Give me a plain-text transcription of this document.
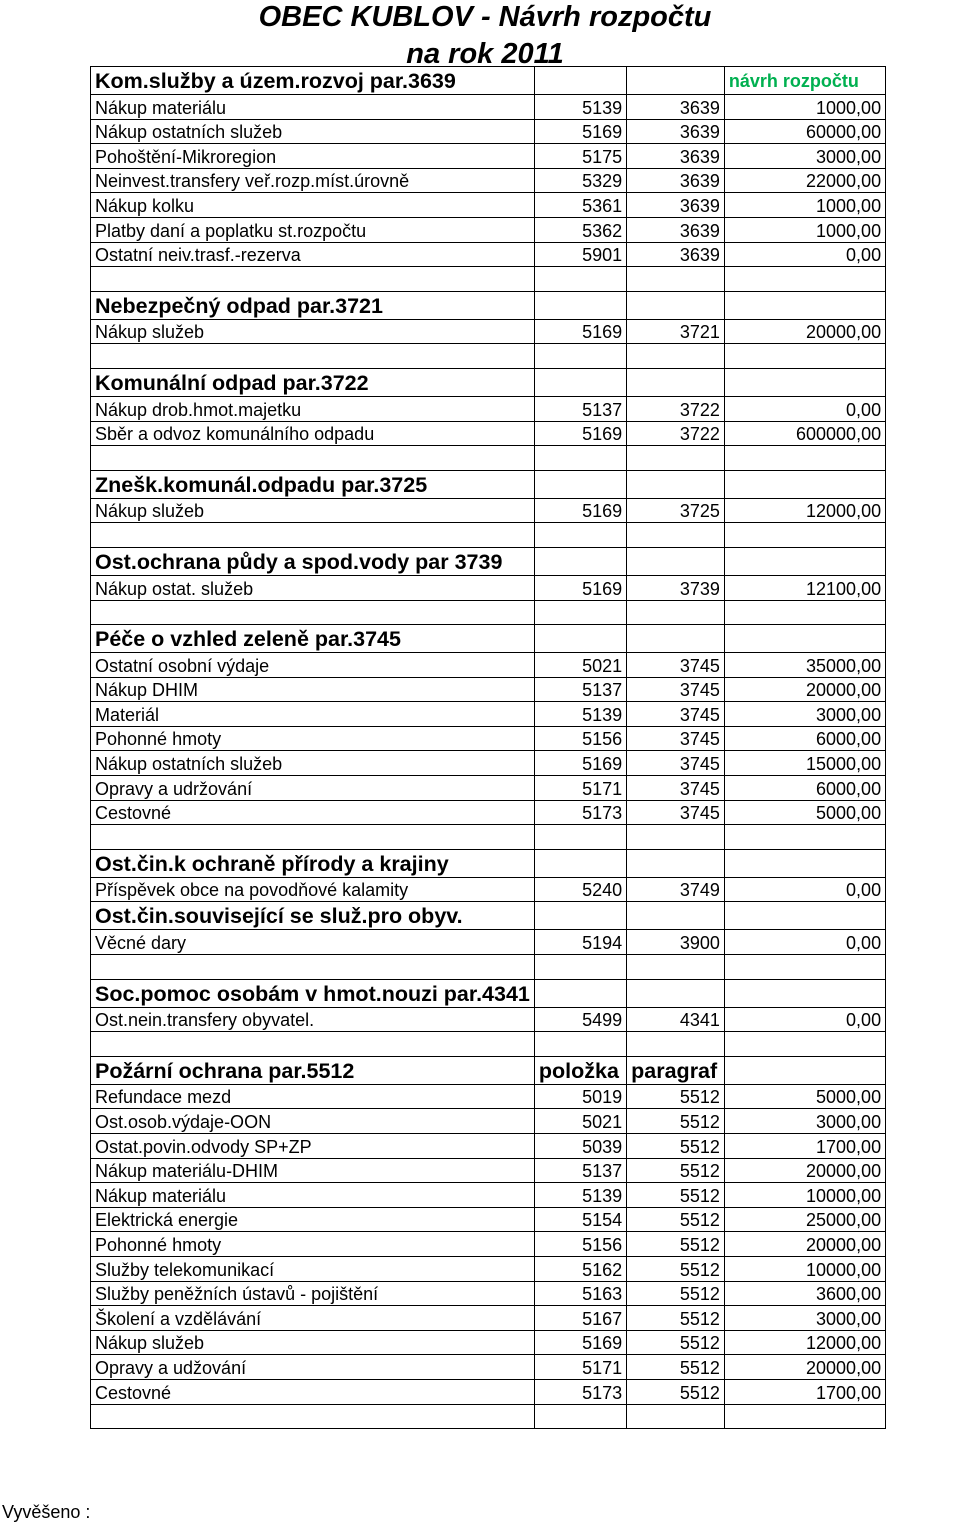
OBEC KUBLOV - Návrh rozpočtu
na rok 2011
Kom.služby a územ.rozvoj par.3639			návrh rozpočtu	
Nákup materiálu	5139	3639	1000,00	
Nákup ostatních služeb	5169	3639	60000,00	
Pohoštění-Mikroregion	5175	3639	3000,00	
Neinvest.transfery veř.rozp.míst.úrovně	5329	3639	22000,00	
Nákup kolku	5361	3639	1000,00	
Platby daní a poplatku st.rozpočtu	5362	3639	1000,00	
Ostatní neiv.trasf.-rezerva	5901	3639	0,00	

Nebezpečný odpad par.3721				
Nákup služeb	5169	3721	20000,00	

Komunální odpad par.3722				
Nákup drob.hmot.majetku	5137	3722	0,00	
Sběr a odvoz komunálního odpadu	5169	3722	600000,00	

Znešk.komunál.odpadu par.3725				
Nákup služeb	5169	3725	12000,00	

Ost.ochrana půdy a spod.vody par 3739				
Nákup ostat. služeb	5169	3739	12100,00	

Péče o vzhled zeleně par.3745				
Ostatní osobní výdaje	5021	3745	35000,00	
Nákup DHIM	5137	3745	20000,00	
Materiál	5139	3745	3000,00	
Pohonné hmoty	5156	3745	6000,00	
Nákup ostatních služeb	5169	3745	15000,00	
Opravy a udržování	5171	3745	6000,00	
Cestovné	5173	3745	5000,00	

Ost.čin.k ochraně přírody a krajiny				
Příspěvek obce na povodňové kalamity	5240	3749	0,00	
Ost.čin.související se služ.pro obyv.				
Věcné dary	5194	3900	0,00	

Soc.pomoc osobám v hmot.nouzi par.4341				
Ost.nein.transfery obyvatel.	5499	4341	0,00	

Požární ochrana par.5512	položka	paragraf		
Refundace mezd	5019	5512	5000,00	
Ost.osob.výdaje-OON	5021	5512	3000,00	
Ostat.povin.odvody SP+ZP	5039	5512	1700,00	
Nákup materiálu-DHIM	5137	5512	20000,00	
Nákup materiálu	5139	5512	10000,00	
Elektrická energie	5154	5512	25000,00	
Pohonné hmoty	5156	5512	20000,00	
Služby telekomunikací	5162	5512	10000,00	
Služby peněžních ústavů - pojištění	5163	5512	3600,00	
Školení a vzdělávání	5167	5512	3000,00	
Nákup služeb	5169	5512	12000,00	
Opravy a udžování	5171	5512	20000,00	
Cestovné	5173	5512	1700,00	

Vyvěšeno :
